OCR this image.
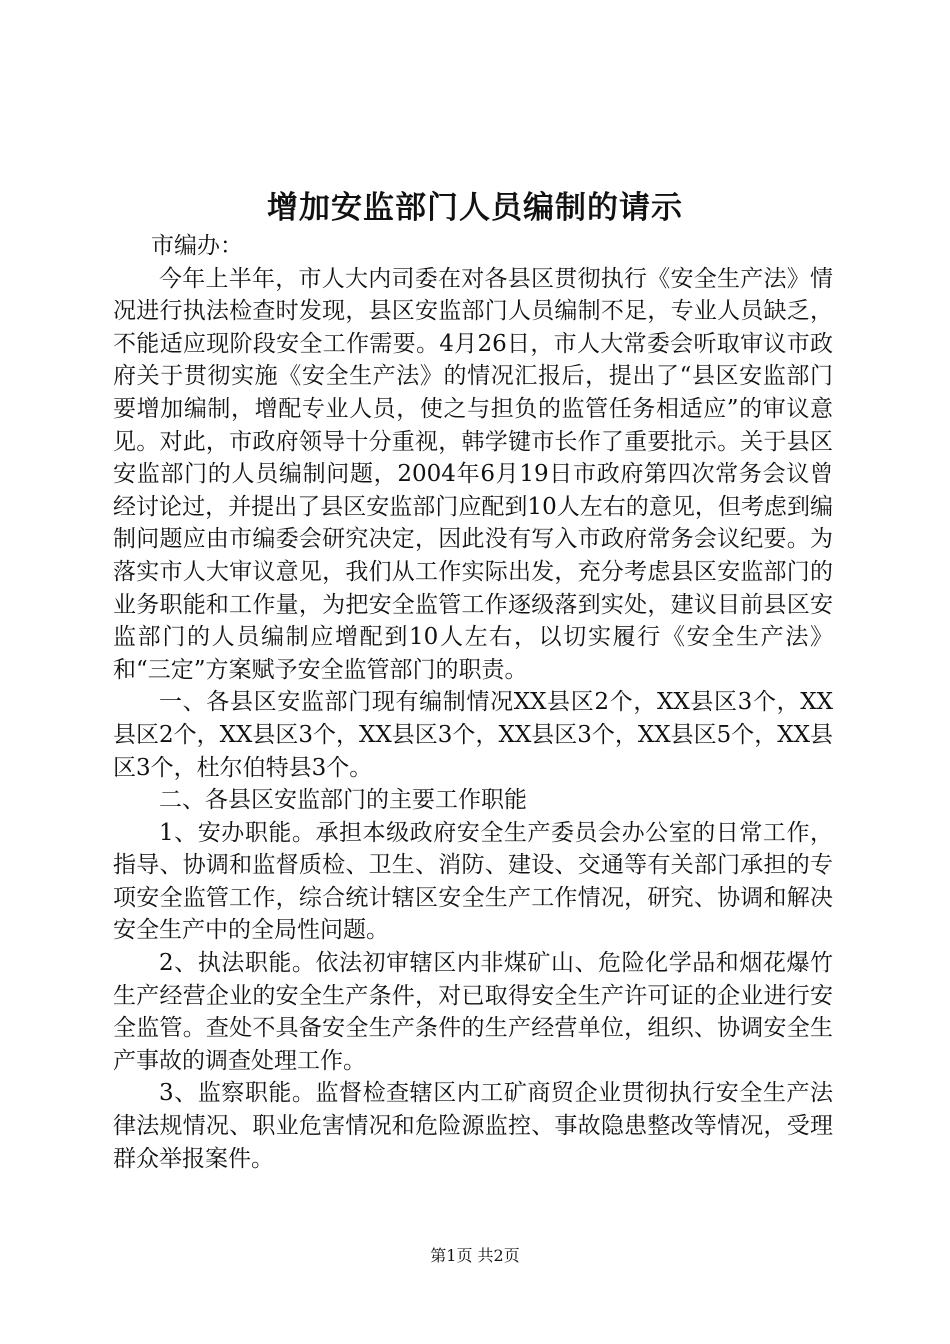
增加安监部门人员编制的请示

市编办：

今年上半年，市人大内司委在对各县区贯彻执行《安全生产法》情况进行执法检查时发现，县区安监部门人员编制不足，专业人员缺乏，不能适应现阶段安全工作需要。4月26日，市人大常委会听取审议市政府关于贯彻实施《安全生产法》的情况汇报后，提出了“县区安监部门要增加编制，增配专业人员，使之与担负的监管任务相适应”的审议意见。对此，市政府领导十分重视，韩学键市长作了重要批示。关于县区安监部门的人员编制问题，2004年6月19日市政府第四次常务会议曾经讨论过，并提出了县区安监部门应配到10人左右的意见，但考虑到编制问题应由市编委会研究决定，因此没有写入市政府常务会议纪要。为落实市人大审议意见，我们从工作实际出发，充分考虑县区安监部门的业务职能和工作量，为把安全监管工作逐级落到实处，建议目前县区安监部门的人员编制应增配到10人左右，以切实履行《安全生产法》和“三定”方案赋予安全监管部门的职责。

一、各县区安监部门现有编制情况XX县区2个，XX县区3个，XX县区2个，XX县区3个，XX县区3个，XX县区3个，XX县区5个，XX县区3个，杜尔伯特县3个。

二、各县区安监部门的主要工作职能

1、安办职能。承担本级政府安全生产委员会办公室的日常工作，指导、协调和监督质检、卫生、消防、建设、交通等有关部门承担的专项安全监管工作，综合统计辖区安全生产工作情况，研究、协调和解决安全生产中的全局性问题。

2、执法职能。依法初审辖区内非煤矿山、危险化学品和烟花爆竹生产经营企业的安全生产条件，对已取得安全生产许可证的企业进行安全监管。查处不具备安全生产条件的生产经营单位，组织、协调安全生产事故的调查处理工作。

3、监察职能。监督检查辖区内工矿商贸企业贯彻执行安全生产法律法规情况、职业危害情况和危险源监控、事故隐患整改等情况，受理群众举报案件。

第1页 共2页
